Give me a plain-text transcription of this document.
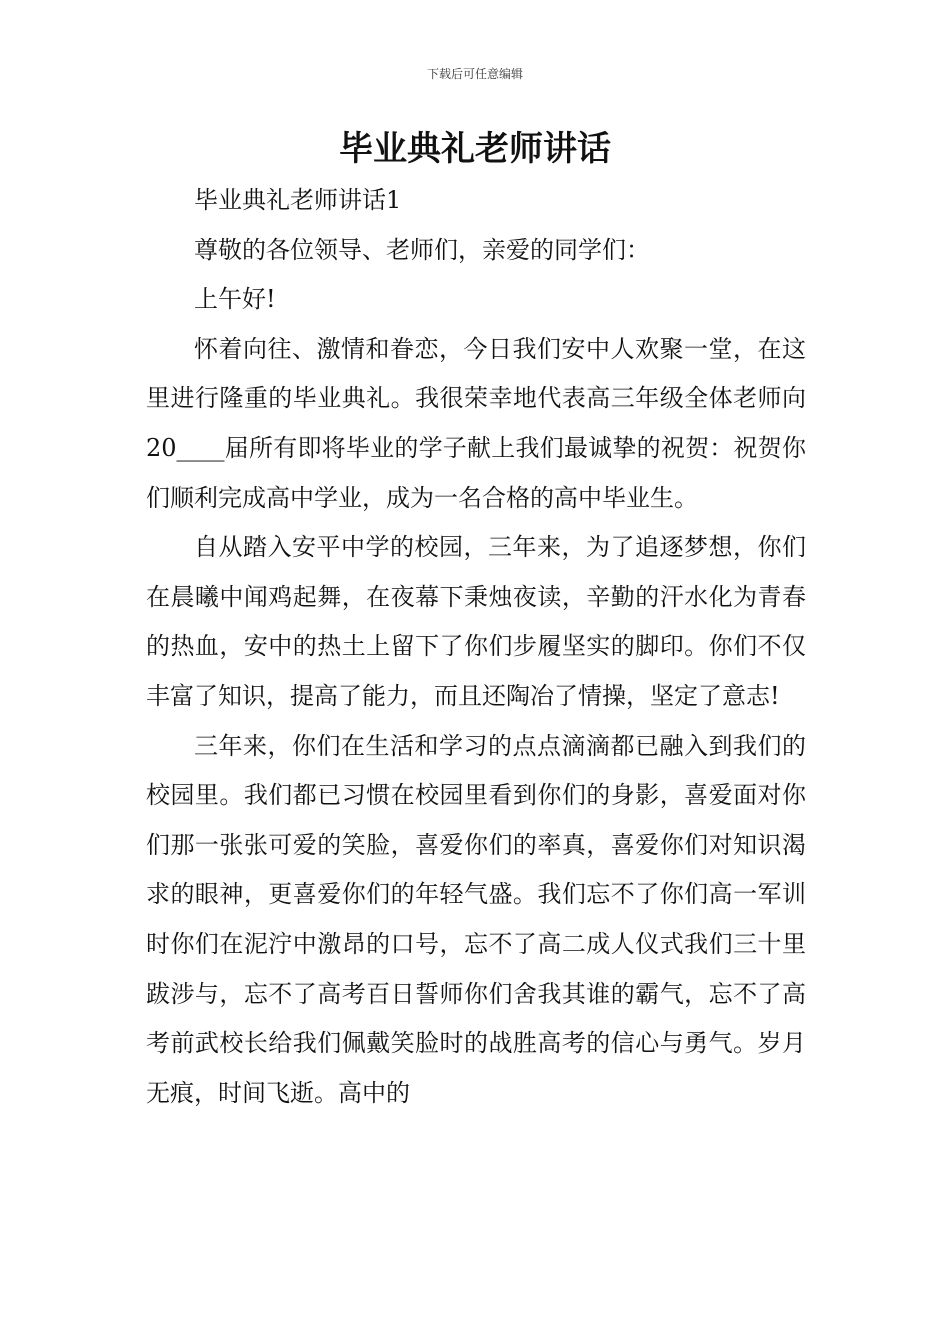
下载后可任意编辑
毕业典礼老师讲话

毕业典礼老师讲话1

尊敬的各位领导、老师们，亲爱的同学们：

上午好!

怀着向往、激情和眷恋，今日我们安中人欢聚一堂，在这里进行隆重的毕业典礼。我很荣幸地代表高三年级全体老师向20____届所有即将毕业的学子献上我们最诚挚的祝贺：祝贺你们顺利完成高中学业，成为一名合格的高中毕业生。

自从踏入安平中学的校园，三年来，为了追逐梦想，你们在晨曦中闻鸡起舞，在夜幕下秉烛夜读，辛勤的汗水化为青春的热血，安中的热土上留下了你们步履坚实的脚印。你们不仅丰富了知识，提高了能力，而且还陶冶了情操，坚定了意志!

三年来，你们在生活和学习的点点滴滴都已融入到我们的校园里。我们都已习惯在校园里看到你们的身影，喜爱面对你们那一张张可爱的笑脸，喜爱你们的率真，喜爱你们对知识渴求的眼神，更喜爱你们的年轻气盛。我们忘不了你们高一军训时你们在泥泞中激昂的口号，忘不了高二成人仪式我们三十里跋涉与，忘不了高考百日誓师你们舍我其谁的霸气，忘不了高考前武校长给我们佩戴笑脸时的战胜高考的信心与勇气。岁月无痕，时间飞逝。高中的
